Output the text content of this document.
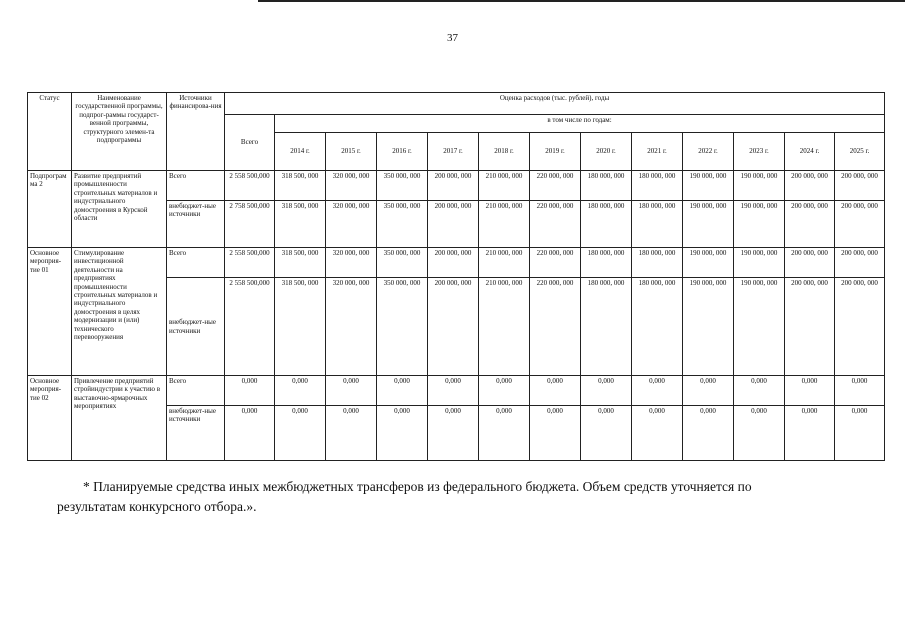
37
Статус	Наименование государственной программы, подпрог-раммы государст-венной программы, структурного элемен-та подпрограммы	Источники финансирова-ния	Оценка расходов (тыс. рублей), годы												
			Всего	в том числе по годам:											
				2014 г.	2015 г.	2016 г.	2017 г.	2018 г.	2019 г.	2020 г.	2021 г.	2022 г.	2023 г.	2024 г.	2025 г.
Подпрограм ма 2	Развитие предприятий промышленности строительных материалов и индустриального домостроения в Курской области	Всего	2 558 500,000	318 500, 000	320 000, 000	350 000, 000	200 000, 000	210 000, 000	220 000, 000	180 000, 000	180 000, 000	190 000, 000	190 000, 000	200 000, 000	200 000, 000
		внебюджет-ные источники	2 758 500,000	318 500, 000	320 000, 000	350 000, 000	200 000, 000	210 000, 000	220 000, 000	180 000, 000	180 000, 000	190 000, 000	190 000, 000	200 000, 000	200 000, 000
Основное мероприя-тие 01	Стимулирование инвестиционной деятельности на предприятиях промышленности строительных материалов и индустриального домостроения в целях модернизации и (или) технического перевооружения	Всего	2 558 500,000	318 500, 000	320 000, 000	350 000, 000	200 000, 000	210 000, 000	220 000, 000	180 000, 000	180 000, 000	190 000, 000	190 000, 000	200 000, 000	200 000, 000
		внебюджет-ные источники	2 558 500,000	318 500, 000	320 000, 000	350 000, 000	200 000, 000	210 000, 000	220 000, 000	180 000, 000	180 000, 000	190 000, 000	190 000, 000	200 000, 000	200 000, 000
Основное мероприя-тие 02	Привлечение предприятий стройиндустрии к участию в выставочно-ярмарочных мероприятиях	Всего	0,000	0,000	0,000	0,000	0,000	0,000	0,000	0,000	0,000	0,000	0,000	0,000	0,000
		внебюджет-ные источники	0,000	0,000	0,000	0,000	0,000	0,000	0,000	0,000	0,000	0,000	0,000	0,000	0,000
* Планируемые средства иных межбюджетных трансферов из федерального бюджета. Объем средств уточняется по
результатам конкурсного отбора.».
